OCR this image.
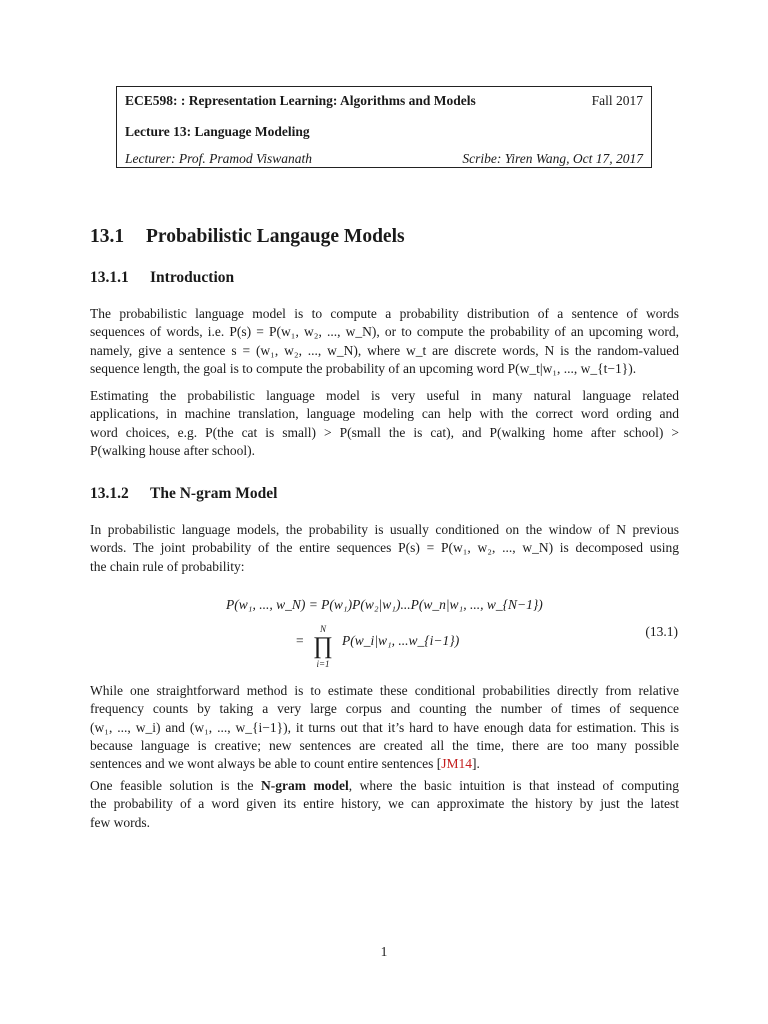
ECE598: : Representation Learning: Algorithms and Models	Fall 2017
Lecture 13: Language Modeling
Lecturer: Prof. Pramod Viswanath	Scribe: Yiren Wang, Oct 17, 2017
13.1 Probabilistic Langauge Models
13.1.1 Introduction
The probabilistic language model is to compute a probability distribution of a sentence of words
sequences of words, i.e. P(s) = P(w₁, w₂, ..., w_N), or to compute the probability of an upcoming word,
namely, give a sentence s = (w₁, w₂, ..., w_N), where w_t are discrete words, N is the random-valued
sequence length, the goal is to compute the probability of an upcoming word P(w_t|w₁, ..., w_{t−1}).
Estimating the probabilistic language model is very useful in many natural language related
applications, in machine translation, language modeling can help with the correct word ording and
word choices, e.g. P(the cat is small) > P(small the is cat), and P(walking home after school) >
P(walking house after school).
13.1.2 The N-gram Model
In probabilistic language models, the probability is usually conditioned on the window of N previous
words. The joint probability of the entire sequences P(s) = P(w₁, w₂, ..., w_N) is decomposed using
the chain rule of probability:
P(w₁, ..., w_N) = P(w₁)P(w₂|w₁)...P(w_n|w₁, ..., w_{N−1})
=
N
∏
i=1
P(w_i|w₁, ...w_{i−1})
(13.1)
While one straightforward method is to estimate these conditional probabilities directly from relative
frequency counts by taking a very large corpus and counting the number of times of sequence
(w₁, ..., w_i) and (w₁, ..., w_{i−1}), it turns out that it’s hard to have enough data for estimation. This is
because language is creative; new sentences are created all the time, there are too many possible
sentences and we wont always be able to count entire sentences [JM14].
One feasible solution is the N-gram model, where the basic intuition is that instead of computing
the probability of a word given its entire history, we can approximate the history by just the latest
few words.
1
